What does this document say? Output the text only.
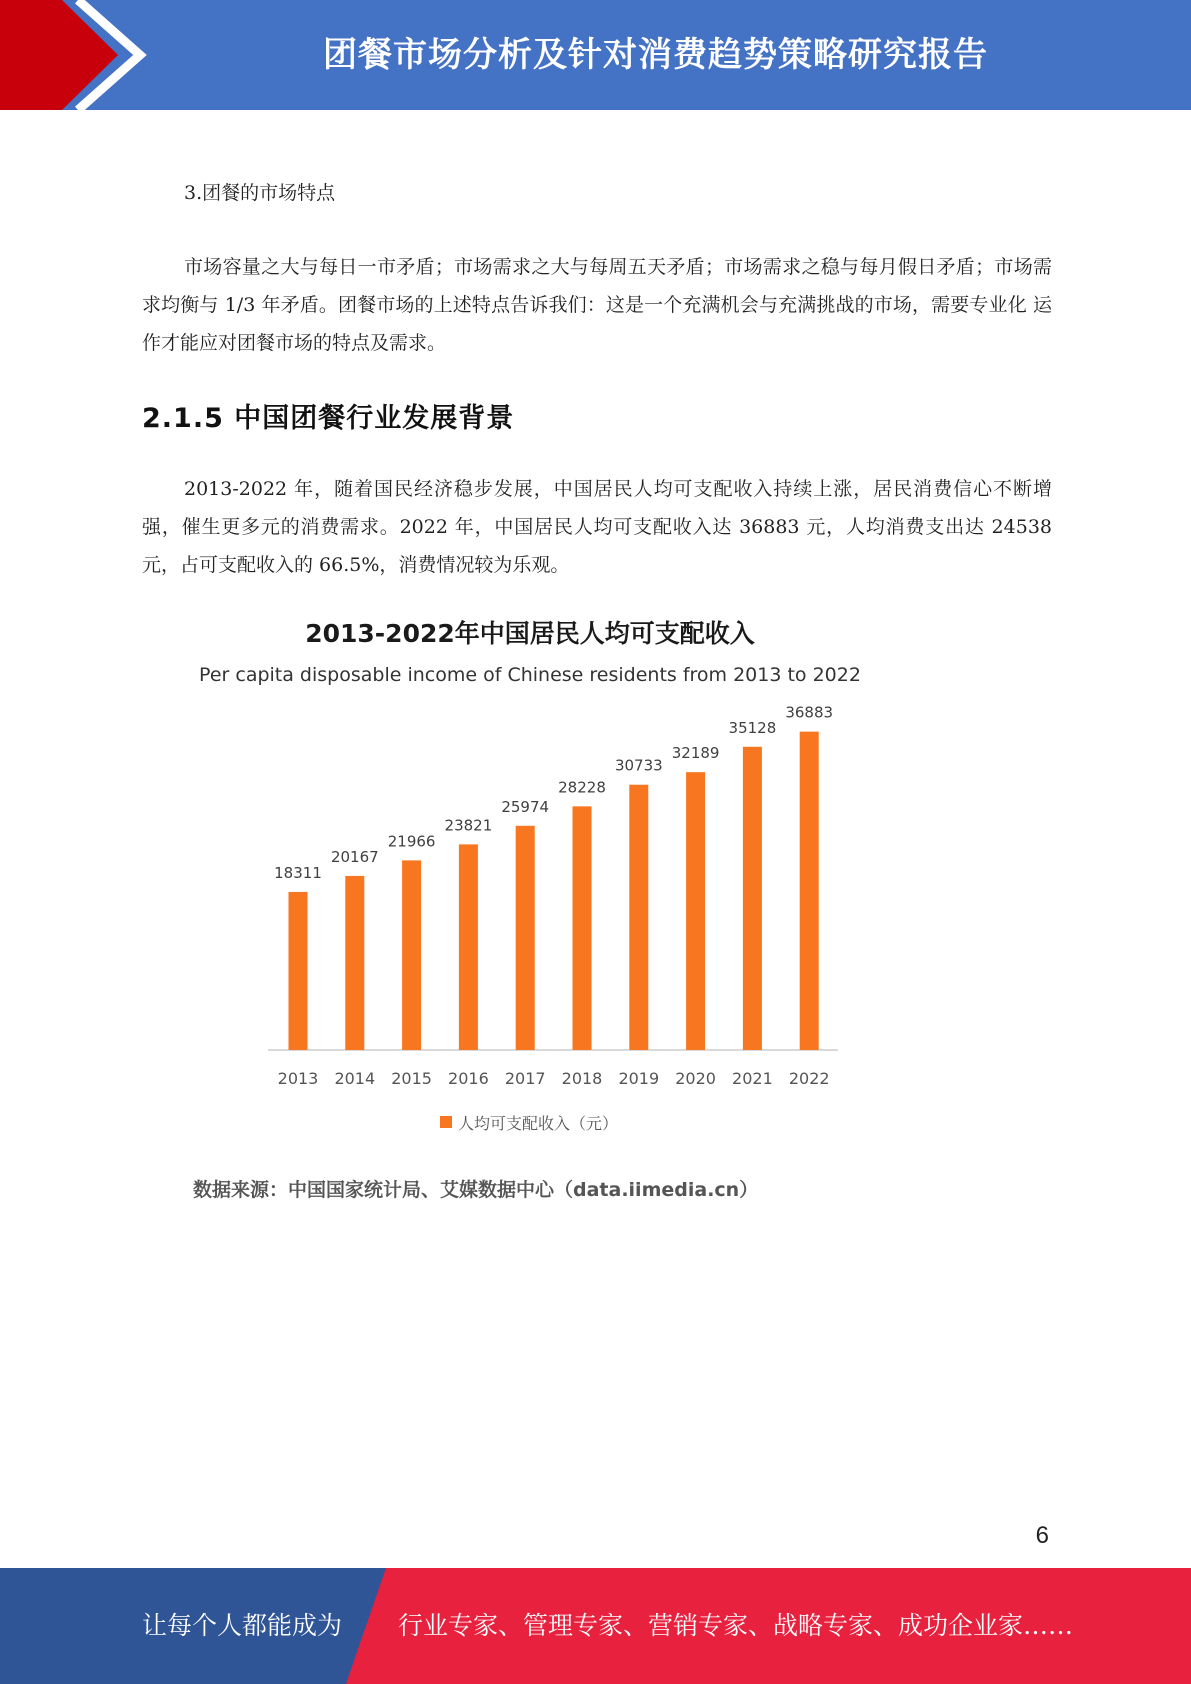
团餐市场分析及针对消费趋势策略研究报告
3.团餐的市场特点

市场容量之大与每日一市矛盾；市场需求之大与每周五天矛盾；市场需求之稳与每月假日矛盾；市场需求均衡与 1/3 年矛盾。团餐市场的上述特点告诉我们：这是一个充满机会与充满挑战的市场，需要专业化 运作才能应对团餐市场的特点及需求。

2.1.5 中国团餐行业发展背景

2013-2022 年，随着国民经济稳步发展，中国居民人均可支配收入持续上涨，居民消费信心不断增强，催生更多元的消费需求。2022 年，中国居民人均可支配收入达 36883 元，人均消费支出达 24538 元，占可支配收入的 66.5%，消费情况较为乐观。

2013-2022年中国居民人均可支配收入
Per capita disposable income of Chinese residents from 2013 to 2022
18311
2013
20167
2014
21966
2015
23821
2016
25974
2017
28228
2018
30733
2019
32189
2020
35128
2021
36883
2022
人均可支配收入（元）
数据来源：中国国家统计局、艾媒数据中心（data.iimedia.cn）
6
让每个人都能成为 行业专家、管理专家、营销专家、战略专家、成功企业家……
